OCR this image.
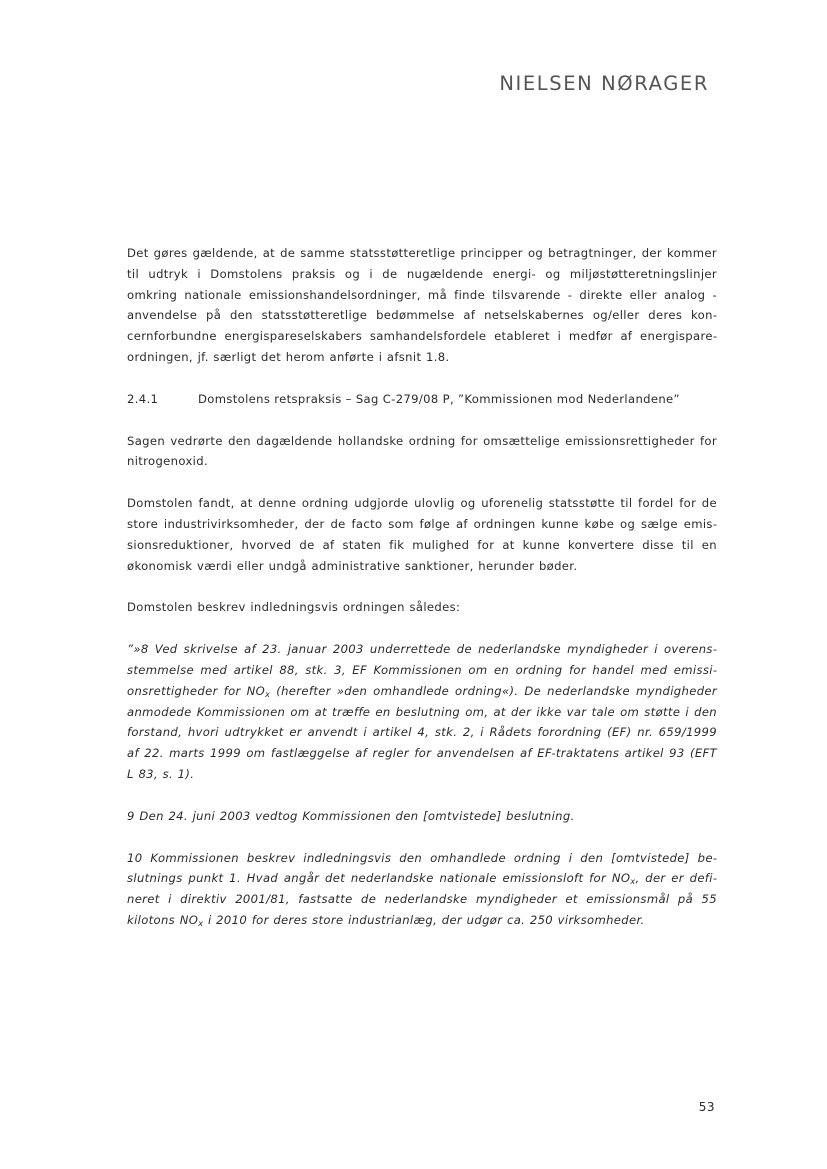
NIELSEN NØRAGER

Det gøres gældende, at de samme statsstøtteretlige principper og betragtninger, der kommer til udtryk i Domstolens praksis og i de nugældende energi- og miljøstøtteretningslinjer omkring nationale emissionshandelsordninger, må finde tilsvarende - direkte eller analog - anvendelse på den statsstøtteretlige bedømmelse af netselskabernes og/eller deres koncernforbundne energispareselskabers samhandelsfordele etableret i medfør af energispareordningen, jf. særligt det herom anførte i afsnit 1.8.

2.4.1	Domstolens retspraksis – Sag C-279/08 P, ”Kommissionen mod Nederlandene”

Sagen vedrørte den dagældende hollandske ordning for omsættelige emissionsrettigheder for nitrogenoxid.

Domstolen fandt, at denne ordning udgjorde ulovlig og uforenelig statsstøtte til fordel for de store industrivirksomheder, der de facto som følge af ordningen kunne købe og sælge emissionsreduktioner, hvorved de af staten fik mulighed for at kunne konvertere disse til en økonomisk værdi eller undgå administrative sanktioner, herunder bøder.

Domstolen beskrev indledningsvis ordningen således:

”»8 Ved skrivelse af 23. januar 2003 underrettede de nederlandske myndigheder i overensstemmelse med artikel 88, stk. 3, EF Kommissionen om en ordning for handel med emissionsrettigheder for $NO_x$ (herefter »den omhandlede ordning«). De nederlandske myndigheder anmodede Kommissionen om at træffe en beslutning om, at der ikke var tale om støtte i den forstand, hvori udtrykket er anvendt i artikel 4, stk. 2, i Rådets forordning (EF) nr. 659/1999 af 22. marts 1999 om fastlæggelse af regler for anvendelsen af EF-traktatens artikel 93 (EFT L 83, s. 1).

9 Den 24. juni 2003 vedtog Kommissionen den [omtvistede] beslutning.

10 Kommissionen beskrev indledningsvis den omhandlede ordning i den [omtvistede] beslutnings punkt 1. Hvad angår det nederlandske nationale emissionsloft for $NO_x$, der er defineret i direktiv 2001/81, fastsatte de nederlandske myndigheder et emissionsmål på 55 kilotons $NO_x$ i 2010 for deres store industrianlæg, der udgør ca. 250 virksomheder.

53
